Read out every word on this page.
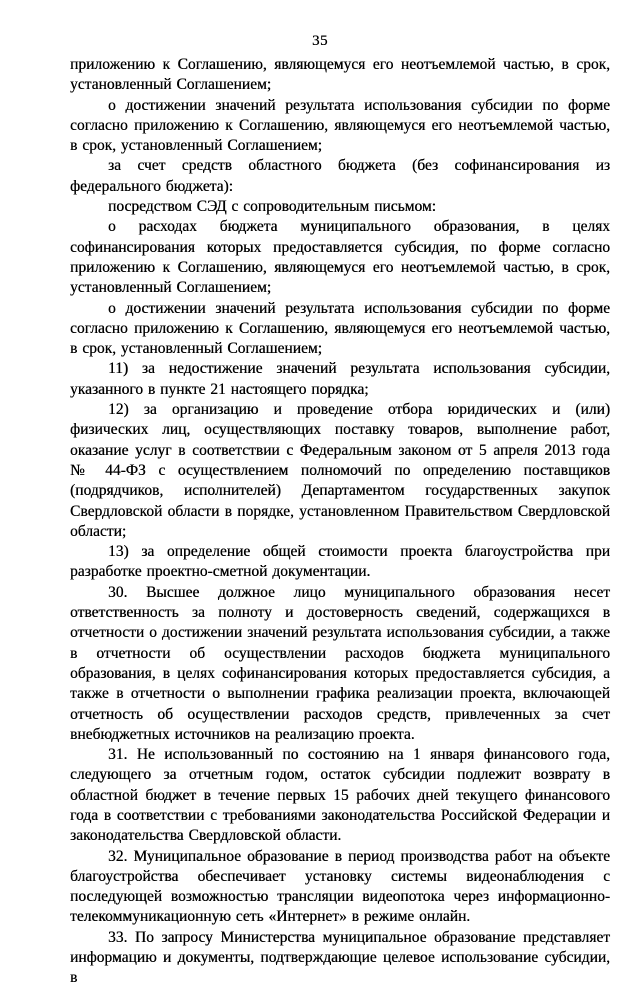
35

приложению к Соглашению, являющемуся его неотъемлемой частью, в срок, установленный Соглашением;

о достижении значений результата использования субсидии по форме согласно приложению к Соглашению, являющемуся его неотъемлемой частью, в срок, установленный Соглашением;

за счет средств областного бюджета (без софинансирования из федерального бюджета):

посредством СЭД с сопроводительным письмом:

о расходах бюджета муниципального образования, в целях софинансирования которых предоставляется субсидия, по форме согласно приложению к Соглашению, являющемуся его неотъемлемой частью, в срок, установленный Соглашением;

о достижении значений результата использования субсидии по форме согласно приложению к Соглашению, являющемуся его неотъемлемой частью, в срок, установленный Соглашением;

11) за недостижение значений результата использования субсидии, указанного в пункте 21 настоящего порядка;

12) за организацию и проведение отбора юридических и (или) физических лиц, осуществляющих поставку товаров, выполнение работ, оказание услуг в соответствии с Федеральным законом от 5 апреля 2013 года № 44-ФЗ с осуществлением полномочий по определению поставщиков (подрядчиков, исполнителей) Департаментом государственных закупок Свердловской области в порядке, установленном Правительством Свердловской области;

13) за определение общей стоимости проекта благоустройства при разработке проектно-сметной документации.

30. Высшее должное лицо муниципального образования несет ответственность за полноту и достоверность сведений, содержащихся в отчетности о достижении значений результата использования субсидии, а также в отчетности об осуществлении расходов бюджета муниципального образования, в целях софинансирования которых предоставляется субсидия, а также в отчетности о выполнении графика реализации проекта, включающей отчетность об осуществлении расходов средств, привлеченных за счет внебюджетных источников на реализацию проекта.

31. Не использованный по состоянию на 1 января финансового года, следующего за отчетным годом, остаток субсидии подлежит возврату в областной бюджет в течение первых 15 рабочих дней текущего финансового года в соответствии с требованиями законодательства Российской Федерации и законодательства Свердловской области.

32. Муниципальное образование в период производства работ на объекте благоустройства обеспечивает установку системы видеонаблюдения с последующей возможностью трансляции видеопотока через информационно-телекоммуникационную сеть «Интернет» в режиме онлайн.

33. По запросу Министерства муниципальное образование представляет информацию и документы, подтверждающие целевое использование субсидии, в
